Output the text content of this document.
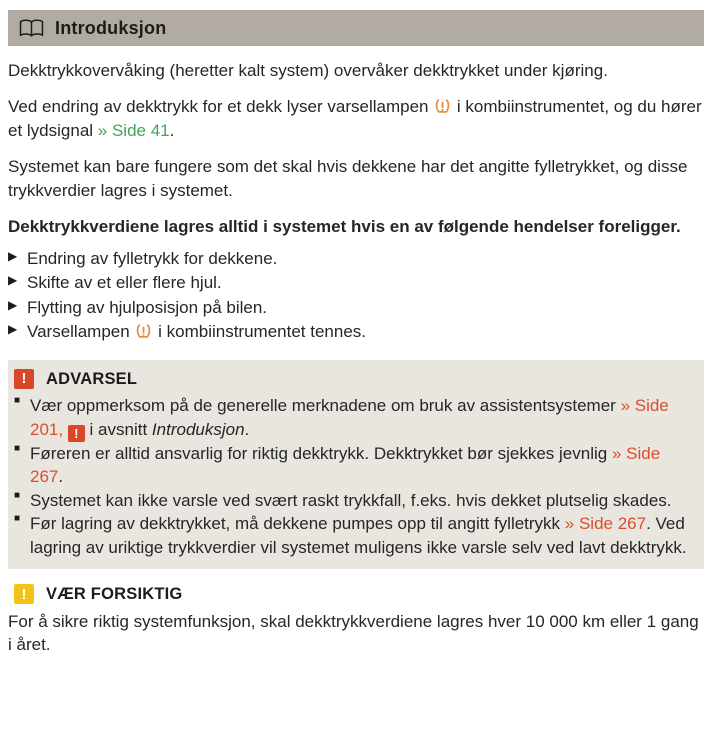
Introduksjon

Dekktrykkovervåking (heretter kalt system) overvåker dekktrykket under kjøring.

Ved endring av dekktrykk for et dekk lyser varsellampen  i kombiinstrumentet, og du hører et lydsignal » Side 41.

Systemet kan bare fungere som det skal hvis dekkene har det angitte fylletrykket, og disse trykkverdier lagres i systemet.

Dekktrykkverdiene lagres alltid i systemet hvis en av følgende hendelser foreligger.

▶ Endring av fylletrykk for dekkene.
▶ Skifte av et eller flere hjul.
▶ Flytting av hjulposisjon på bilen.
▶ Varsellampen  i kombiinstrumentet tennes.
!	ADVARSEL
■ Vær oppmerksom på de generelle merknadene om bruk av assistentsystemer » Side 201, ! i avsnitt Introduksjon.
■ Føreren er alltid ansvarlig for riktig dekktrykk. Dekktrykket bør sjekkes jevnlig » Side 267.
■ Systemet kan ikke varsle ved svært raskt trykkfall, f.eks. hvis dekket plutselig skades.
■ Før lagring av dekktrykket, må dekkene pumpes opp til angitt fylletrykk » Side 267. Ved lagring av uriktige trykkverdier vil systemet muligens ikke varsle selv ved lavt dekktrykk.
!	VÆR FORSIKTIG

For å sikre riktig systemfunksjon, skal dekktrykkverdiene lagres hver 10 000 km eller 1 gang i året.
